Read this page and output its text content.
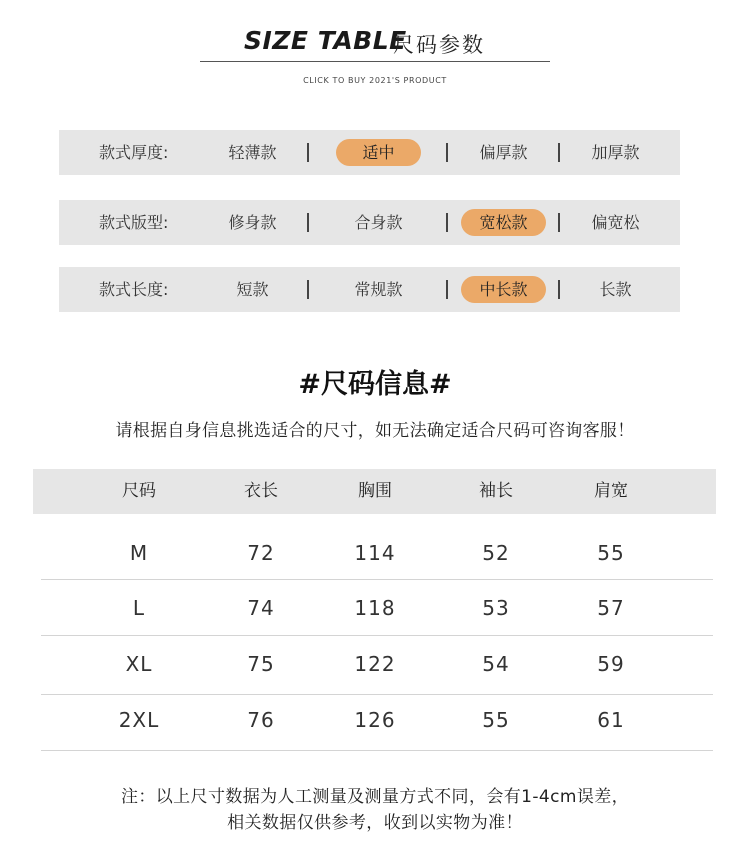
SIZE TABLE
尺码参数
CLICK TO BUY 2021'S PRODUCT
款式厚度:	轻薄款	适中	偏厚款	加厚款
款式版型:	修身款	合身款	宽松款	偏宽松
款式长度:	短款	常规款	中长款	长款
#尺码信息#
请根据自身信息挑选适合的尺寸，如无法确定适合尺码可咨询客服！
尺码	衣长	胸围	袖长	肩宽
M	72	114	52	55
L	74	118	53	57
XL	75	122	54	59
2XL	76	126	55	61
注：以上尺寸数据为人工测量及测量方式不同，会有1-4cm误差，
相关数据仅供参考，收到以实物为准！
